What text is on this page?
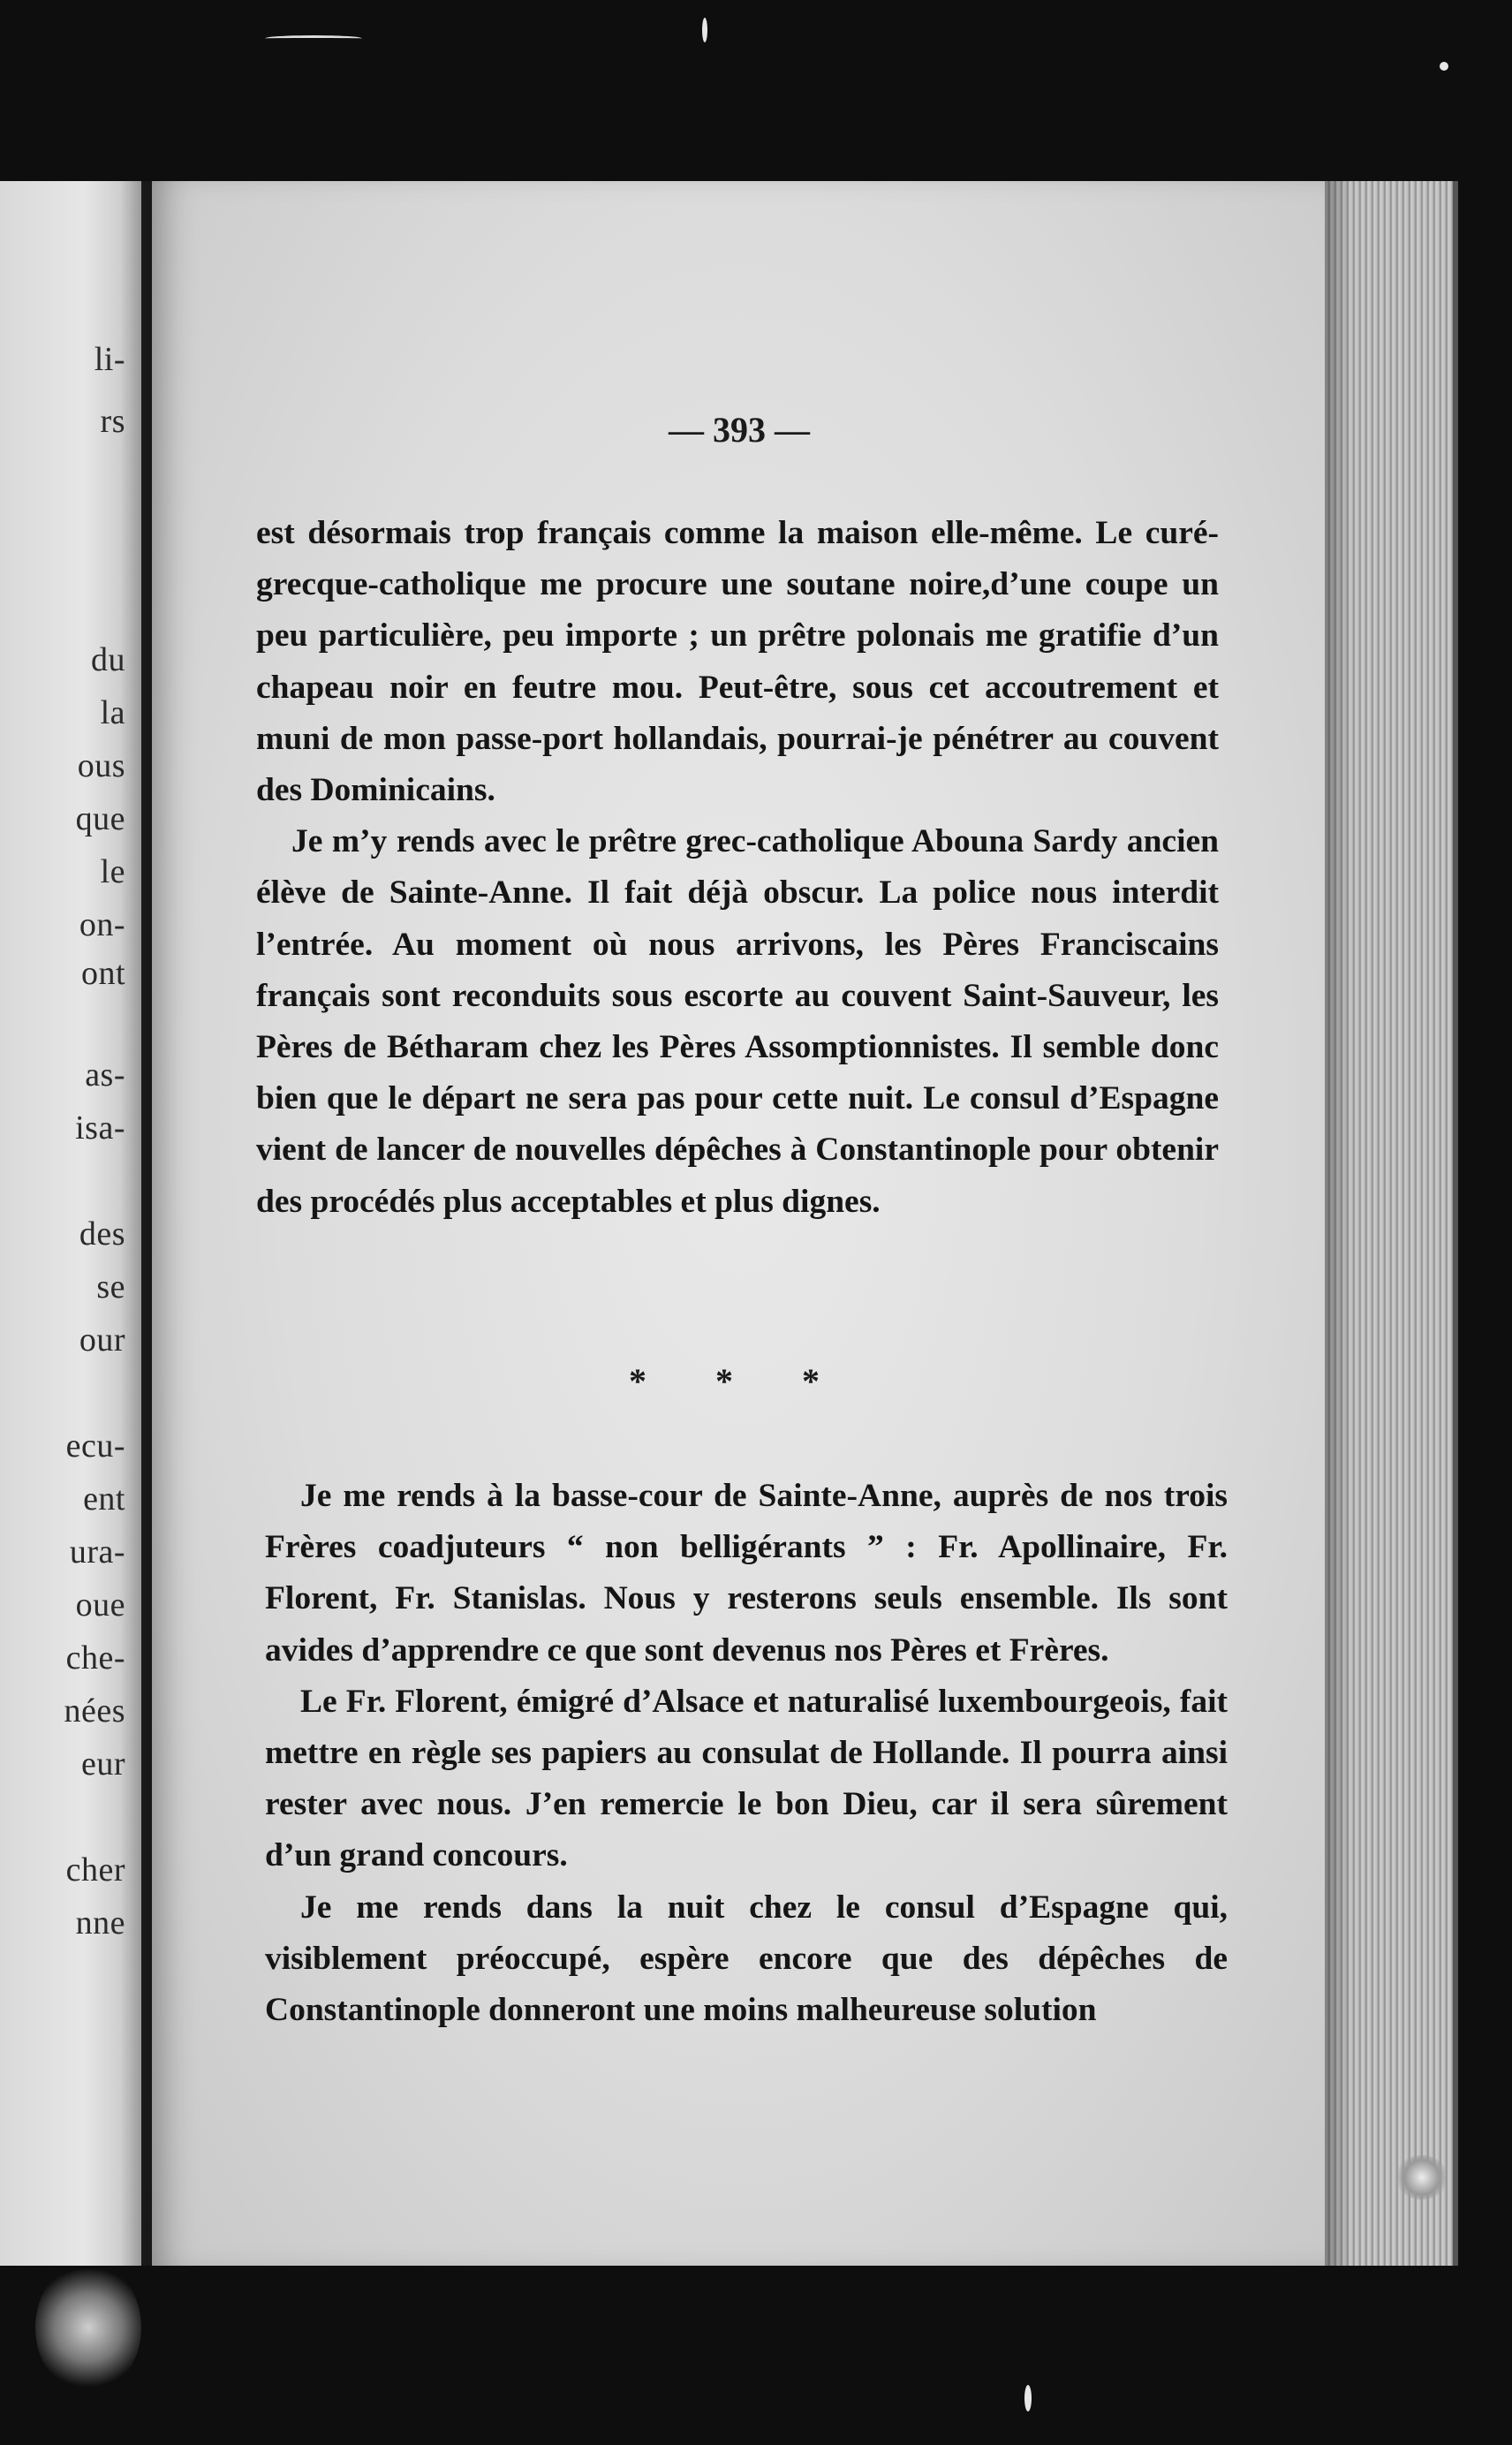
li-
rs
du
la
ous
que
le
on-
ont
as-
isa-
des
se
our
ecu-
ent
ura-
oue
che-
nées
eur
cher
nne
— 393 —

est désormais trop français comme la maison elle-même. Le curé-grecque-catholique me procure une soutane noire,d’une coupe un peu particulière, peu importe ; un prêtre polonais me gratifie d’un chapeau noir en feutre mou. Peut-être, sous cet accoutrement et muni de mon passe-port hollandais, pourrai-je pénétrer au couvent des Dominicains.

Je m’y rends avec le prêtre grec-catholique Abouna Sardy ancien élève de Sainte-Anne. Il fait déjà obscur. La police nous interdit l’entrée. Au moment où nous arrivons, les Pères Franciscains français sont reconduits sous escorte au couvent Saint-Sauveur, les Pères de Bétharam chez les Pères Assomptionnistes. Il semble donc bien que le départ ne sera pas pour cette nuit. Le consul d’Espagne vient de lancer de nouvelles dépêches à Constantinople pour obtenir des procédés plus acceptables et plus dignes.

* * *

Je me rends à la basse-cour de Sainte-Anne, auprès de nos trois Frères coadjuteurs “ non belligérants ” : Fr. Apollinaire, Fr. Florent, Fr. Stanislas. Nous y resterons seuls ensemble. Ils sont avides d’apprendre ce que sont devenus nos Pères et Frères.

Le Fr. Florent, émigré d’Alsace et naturalisé luxembourgeois, fait mettre en règle ses papiers au consulat de Hollande. Il pourra ainsi rester avec nous. J’en remercie le bon Dieu, car il sera sûrement d’un grand concours.

Je me rends dans la nuit chez le consul d’Espagne qui, visiblement préoccupé, espère encore que des dépêches de Constantinople donneront une moins malheureuse solution
